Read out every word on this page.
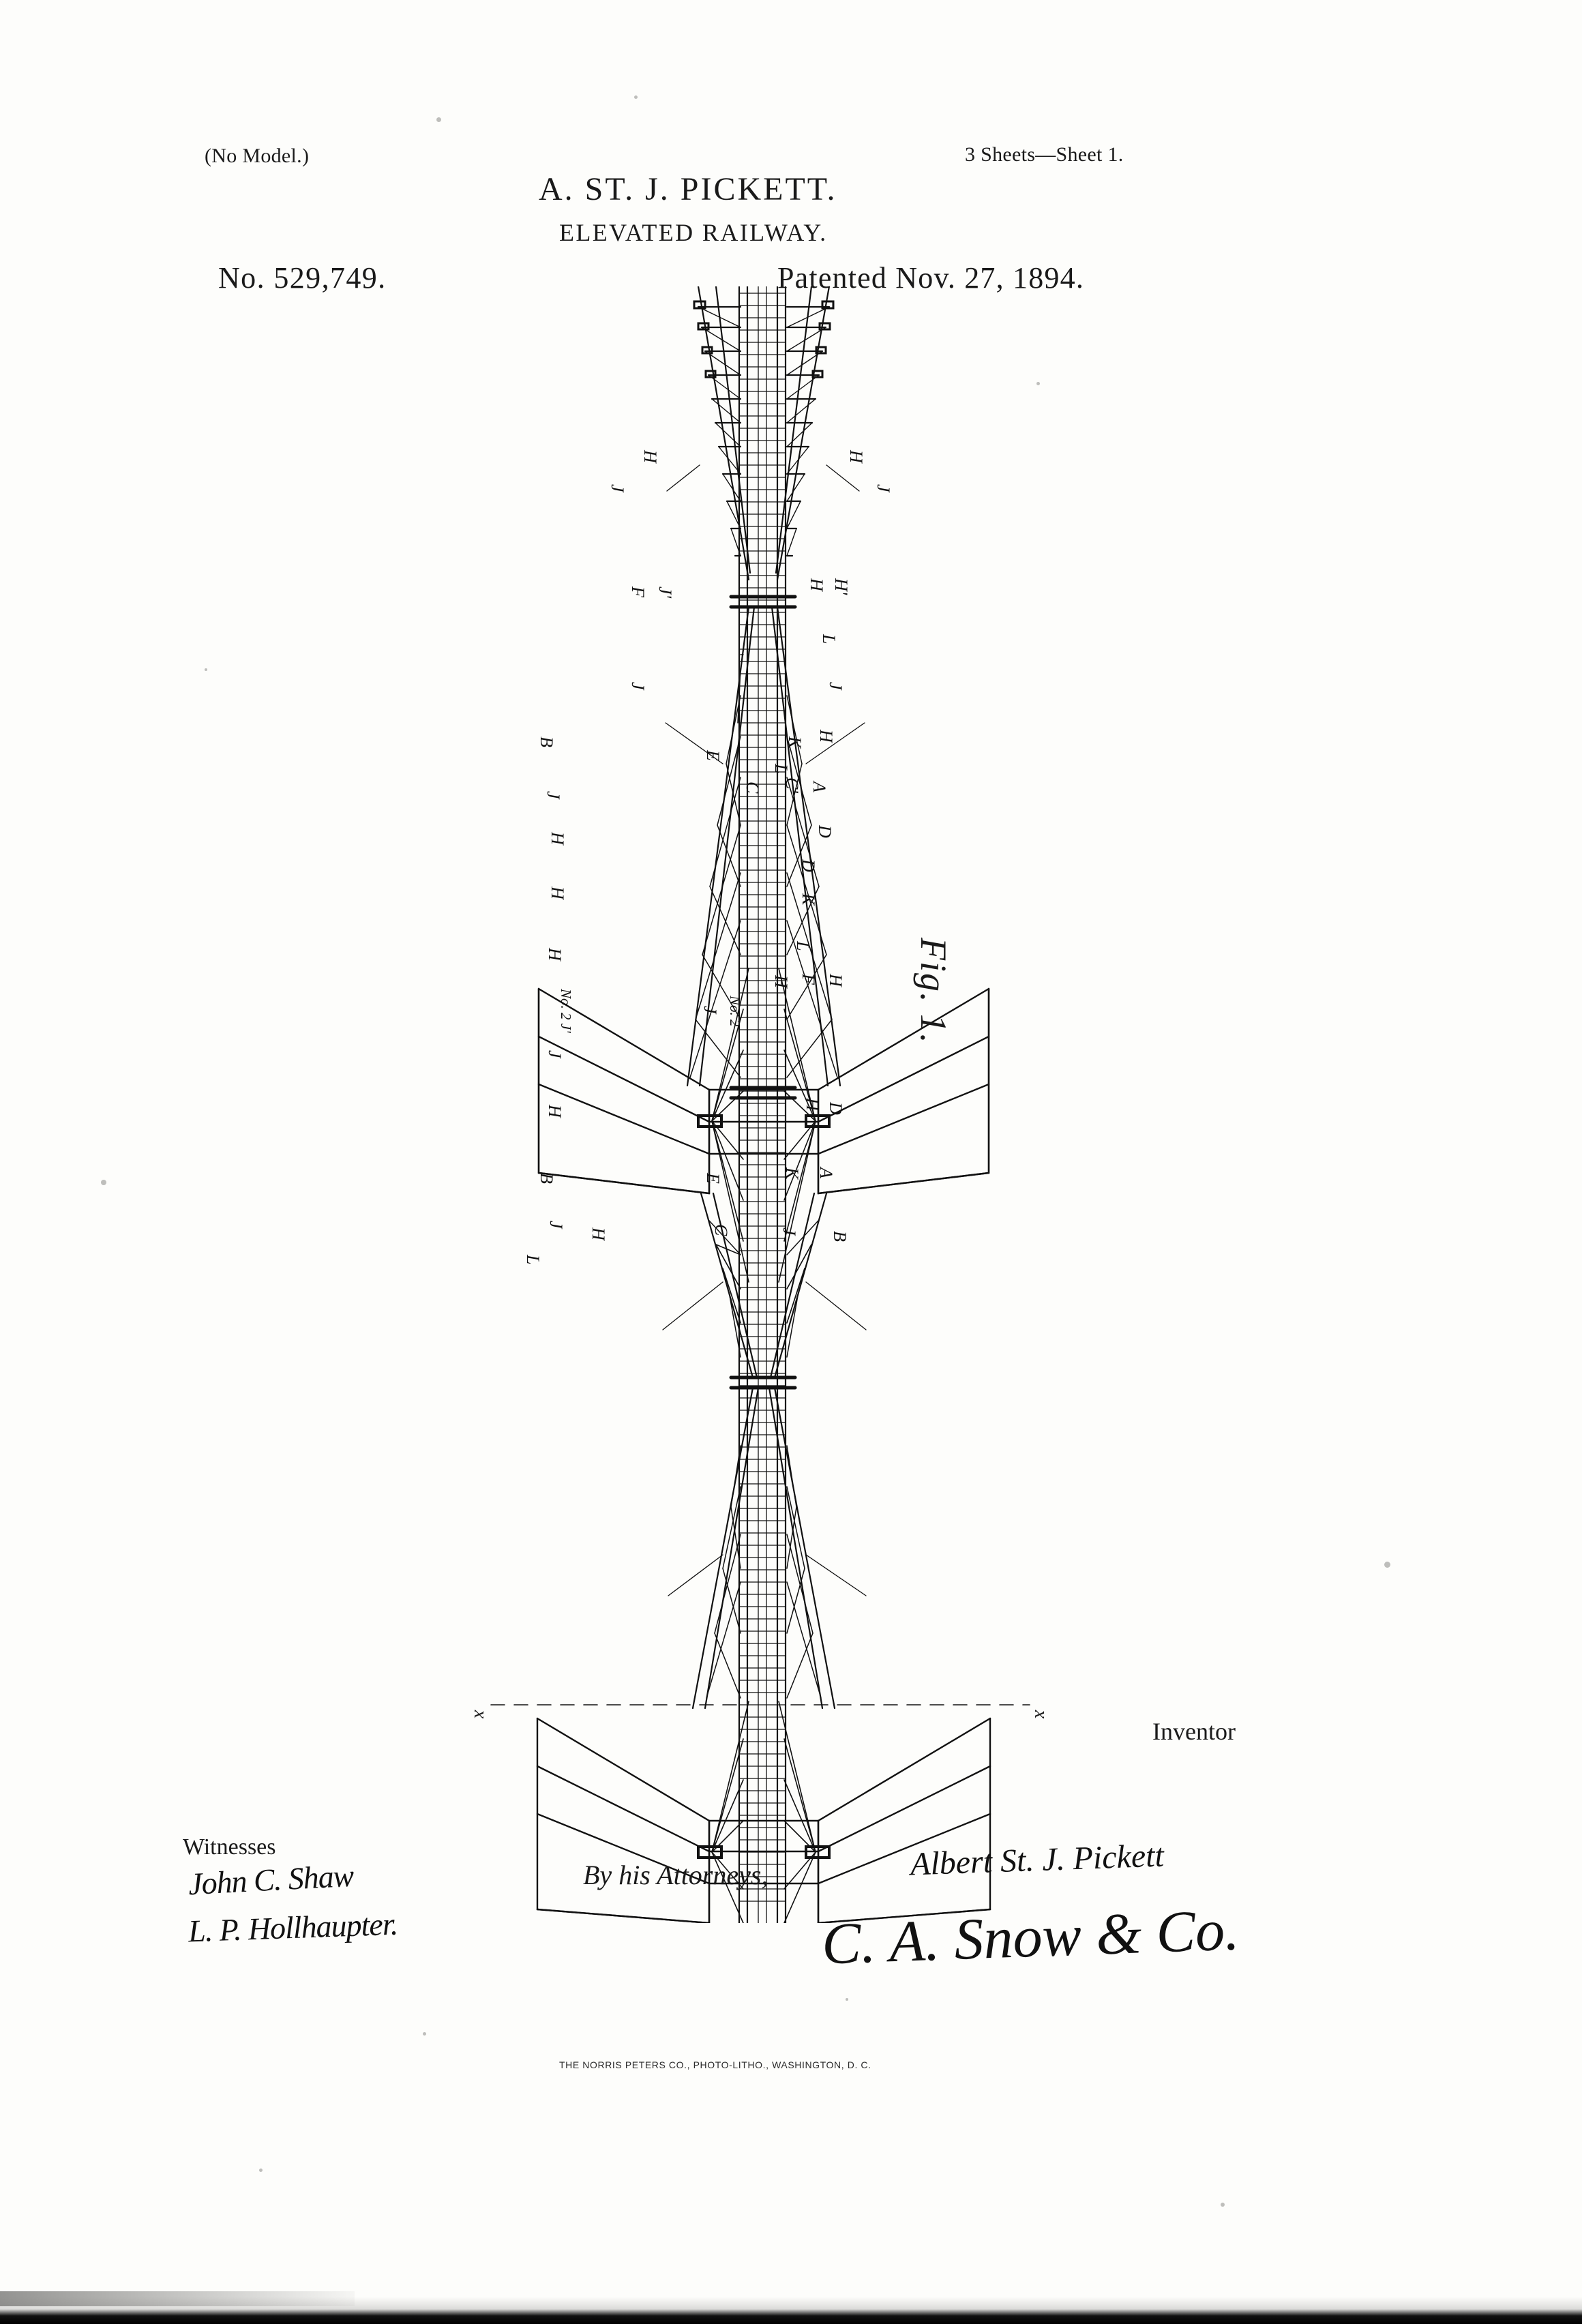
(No Model.)	3 Sheets—Sheet 1.
A. ST. J. PICKETT.
ELEVATED RAILWAY.
No. 529,749.	Patented Nov. 27, 1894.
H	H
J	J
F J'
H H'
L
J	J
B
E
K H
L
J
C C' A
H
D
D
H	K
H
L
No. 2 J'
H F H
No. 2
J
J
H
H D
B	E	K A
J
H	C	J B
L
x	x
Fig. 1.
Witnesses
John C. Shaw
L. P. Hollhaupter.
By his Attorneys,
Inventor
Albert St. J. Pickett
C. A. Snow & Co.
THE NORRIS PETERS CO., PHOTO-LITHO., WASHINGTON, D. C.
